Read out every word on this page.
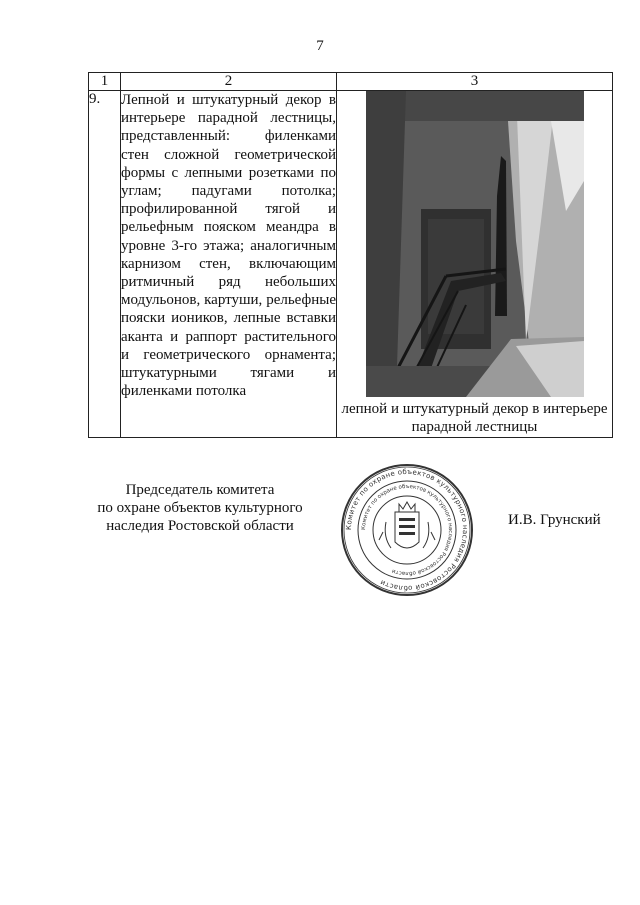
7
1	2	3
9.	Лепной и штукатурный декор в интерьере парадной лестницы, представленный: филенками стен сложной геометрической формы с лепными розетками по углам; падугами потолка; профилированной тягой и рельефным пояском меандра в уровне 3-го этажа; аналогичным карнизом стен, включающим ритмичный ряд небольших модульонов, картуши, рельефные пояски иоников, лепные вставки аканта и раппорт растительного и геометрического орнамента; штукатурными тягами и филенками потолка	лепной и штукатурный декор в интерьере парадной лестницы
Председатель комитета
по охране объектов культурного
наследия Ростовской области	Комитет по охране объектов культурного наследия Ростовской области
Комитет по охране объектов культурного наследия Ростовской области
И.В. Грунский
